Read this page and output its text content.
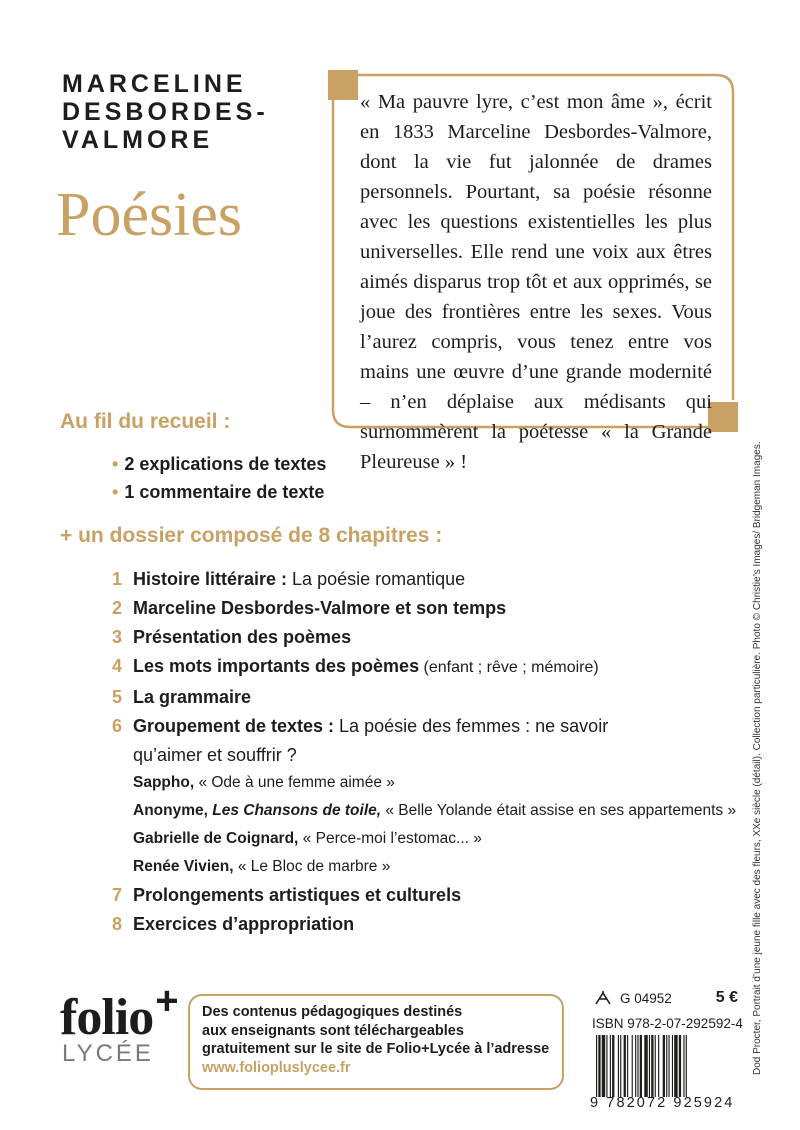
MARCELINE
DESBORDES-
VALMORE
Poésies
« Ma pauvre lyre, c’est mon âme », écrit en 1833 Marceline Desbordes-Valmore, dont la vie fut jalonnée de drames personnels. Pourtant, sa poésie résonne avec les questions existentielles les plus universelles. Elle rend une voix aux êtres aimés disparus trop tôt et aux opprimés, se joue des frontières entre les sexes. Vous l’aurez compris, vous tenez entre vos mains une œuvre d’une grande modernité – n’en déplaise aux médisants qui surnommèrent la poétesse « la Grande Pleureuse » !
Au fil du recueil :
• 2 explications de textes
• 1 commentaire de texte
+ un dossier composé de 8 chapitres :
1 Histoire littéraire : La poésie romantique
2 Marceline Desbordes-Valmore et son temps
3 Présentation des poèmes
4 Les mots importants des poèmes (enfant ; rêve ; mémoire)
5 La grammaire
6 Groupement de textes : La poésie des femmes : ne savoir
qu’aimer et souffrir ?
Sappho, « Ode à une femme aimée »
Anonyme, Les Chansons de toile, « Belle Yolande était assise en ses appartements »
Gabrielle de Coignard, « Perce-moi l’estomac... »
Renée Vivien, « Le Bloc de marbre »
7 Prolongements artistiques et culturels
8 Exercices d’appropriation	Dod Procter, Portrait d’une jeune fille avec des fleurs, XXe siècle (détail). Collection particulière. Photo © Christie’s Images/ Bridgeman Images.
folio+
LYCÉE
Des contenus pédagogiques destinés
aux enseignants sont téléchargeables
gratuitement sur le site de Folio+Lycée à l’adresse
www.foliopluslycee.fr
G 04952	5 €
ISBN 978-2-07-292592-4
9 782072 925924
